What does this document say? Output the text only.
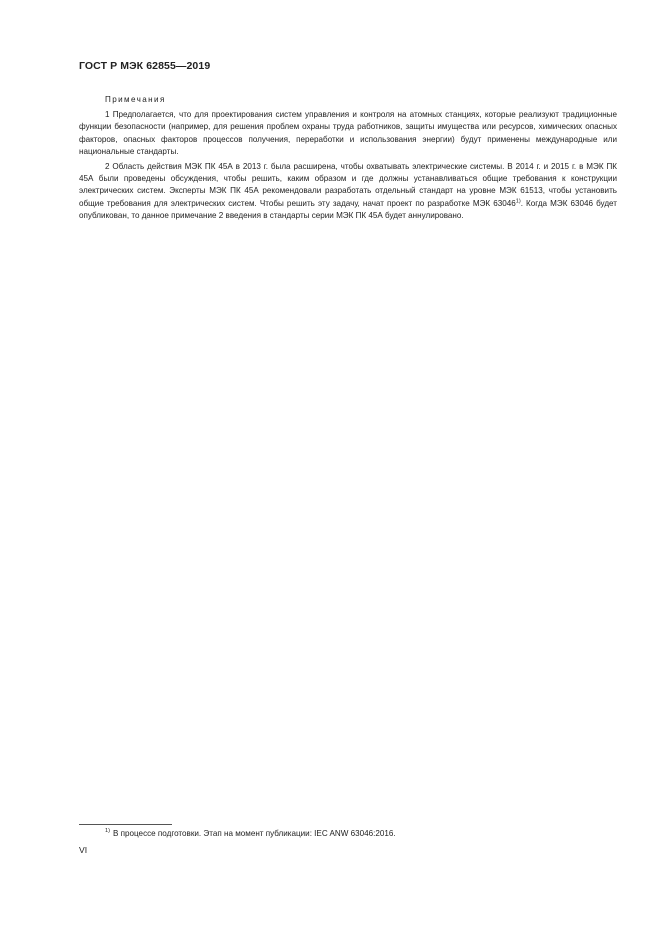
ГОСТ Р МЭК 62855—2019
Примечания

1 Предполагается, что для проектирования систем управления и контроля на атомных станциях, которые реализуют традиционные функции безопасности (например, для решения проблем охраны труда работников, защиты имущества или ресурсов, химических опасных факторов, опасных факторов процессов получения, переработки и использования энергии) будут применены международные или национальные стандарты.

2 Область действия МЭК ПК 45А в 2013 г. была расширена, чтобы охватывать электрические системы. В 2014 г. и 2015 г. в МЭК ПК 45А были проведены обсуждения, чтобы решить, каким образом и где должны устанавливаться общие требования к конструкции электрических систем. Эксперты МЭК ПК 45А рекомендовали разработать отдельный стандарт на уровне МЭК 61513, чтобы установить общие требования для электрических систем. Чтобы решить эту задачу, начат проект по разработке МЭК 63046$^{1)}$. Когда МЭК 63046 будет опубликован, то данное примечание 2 введения в стандарты серии МЭК ПК 45А будет аннулировано.

$^{1)}$ В процессе подготовки. Этап на момент публикации: IEC ANW 63046:2016.
VI
